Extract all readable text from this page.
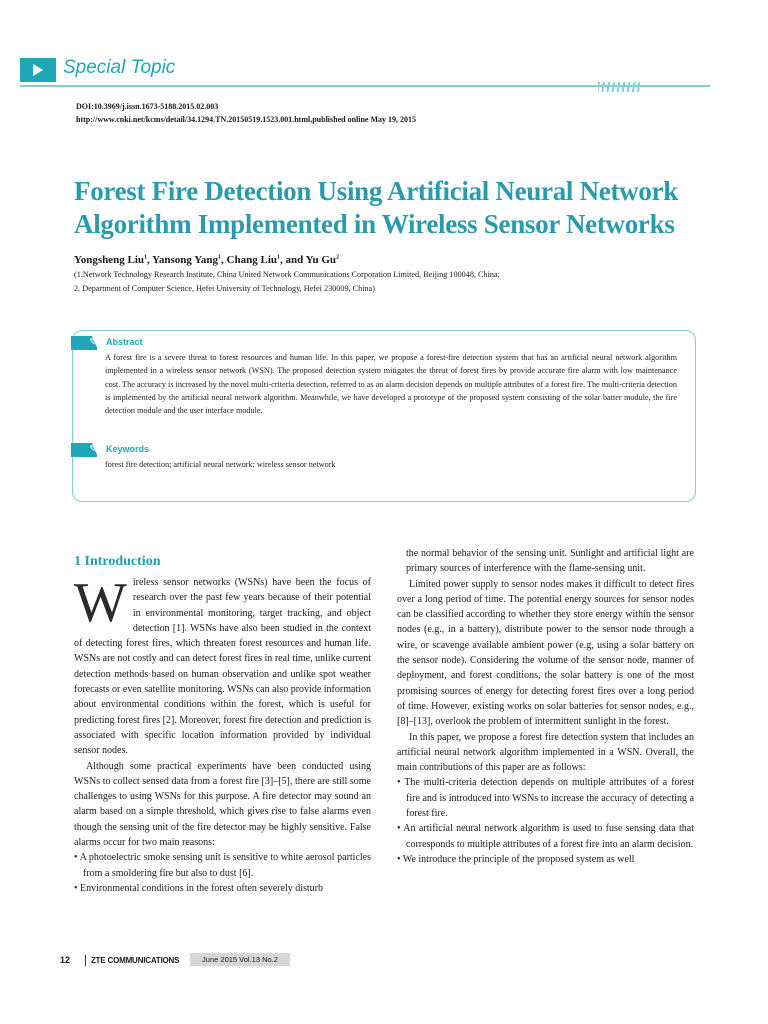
Special Topic
DOI:10.3969/j.issn.1673-5188.2015.02.003
http://www.cnki.net/kcms/detail/34.1294.TN.20150519.1523.001.html,published online May 19, 2015
Forest Fire Detection Using Artificial Neural Network Algorithm Implemented in Wireless Sensor Networks
Yongsheng Liu$^1$, Yansong Yang$^1$, Chang Liu$^1$, and Yu Gu$^2$
(1.Network Technology Research Institute, China United Network Communications Corporation Limited, Beijing 100048, China;
2. Department of Computer Science, Hefei University of Technology, Hefei 230009, China)
✎ Abstract
✎ Keywords

A forest fire is a severe threat to forest resources and human life. In this paper, we propose a forest-fire detection system that has an artificial neural network algorithm implemented in a wireless sensor network (WSN). The proposed detection system mitigates the threat of forest fires by provide accurate fire alarm with low maintenance cost. The accuracy is increased by the novel multi-criteria detection, referred to as an alarm decision depends on multiple attributes of a forest fire. The multi-criteria detection is implemented by the artificial neural network algorithm. Meanwhile, we have developed a prototype of the proposed system consisting of the solar batter module, the fire detection module and the user interface module.

forest fire detection; artificial neural network; wireless sensor network
1 Introduction

Wireless sensor networks (WSNs) have been the focus of research over the past few years because of their potential in environmental monitoring, target tracking, and object detection [1]. WSNs have also been studied in the context of detecting forest fires, which threaten forest resources and human life. WSNs are not costly and can detect forest fires in real time, unlike current detection methods based on human observation and unlike spot weather forecasts or even satellite monitoring. WSNs can also provide information about environmental conditions within the forest, which is useful for predicting forest fires [2]. Moreover, forest fire detection and prediction is associated with specific location information provided by individual sensor nodes.

Although some practical experiments have been conducted using WSNs to collect sensed data from a forest fire [3]–[5], there are still some challenges to using WSNs for this purpose. A fire detector may sound an alarm based on a simple threshold, which gives rise to false alarms even though the sensing unit of the fire detector may be highly sensitive. False alarms occur for two main reasons:

• A photoelectric smoke sensing unit is sensitive to white aerosol particles from a smoldering fire but also to dust [6].

• Environmental conditions in the forest often severely disturb

the normal behavior of the sensing unit. Sunlight and artificial light are primary sources of interference with the flame-sensing unit.

Limited power supply to sensor nodes makes it difficult to detect fires over a long period of time. The potential energy sources for sensor nodes can be classified according to whether they store energy within the sensor nodes (e.g., in a battery), distribute power to the sensor node through a wire, or scavenge available ambient power (e.g, using a solar battery on the sensor node). Considering the volume of the sensor node, manner of deployment, and forest conditions, the solar battery is one of the most promising sources of energy for detecting forest fires over a long period of time. However, existing works on solar batteries for sensor nodes, e.g., [8]–[13], overlook the problem of intermittent sunlight in the forest.

In this paper, we propose a forest fire detection system that includes an artificial neural network algorithm implemented in a WSN. Overall, the main contributions of this paper are as follows:

• The multi-criteria detection depends on multiple attributes of a forest fire and is introduced into WSNs to increase the accuracy of detecting a forest fire.

• An artificial neural network algorithm is used to fuse sensing data that corresponds to multiple attributes of a forest fire into an alarm decision.

• We introduce the principle of the proposed system as well

12	ZTE COMMUNICATIONS	June 2015 Vol.13 No.2
